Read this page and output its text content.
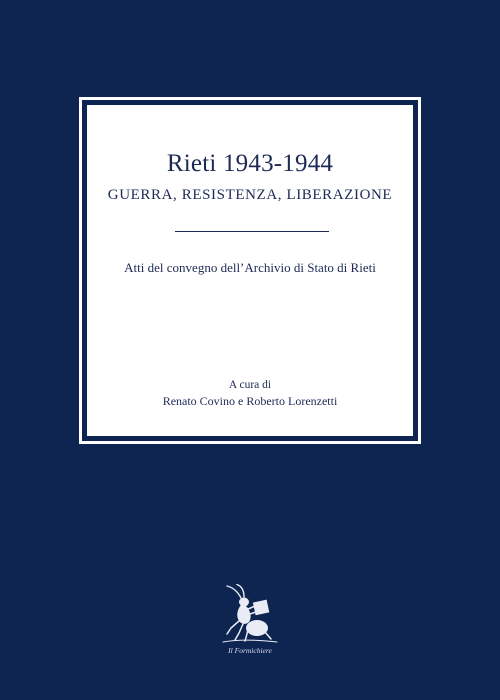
Rieti 1943-1944
GUERRA, RESISTENZA, LIBERAZIONE
Atti del convegno dell’Archivio di Stato di Rieti
A cura di
Renato Covino e Roberto Lorenzetti
Il Formichiere
